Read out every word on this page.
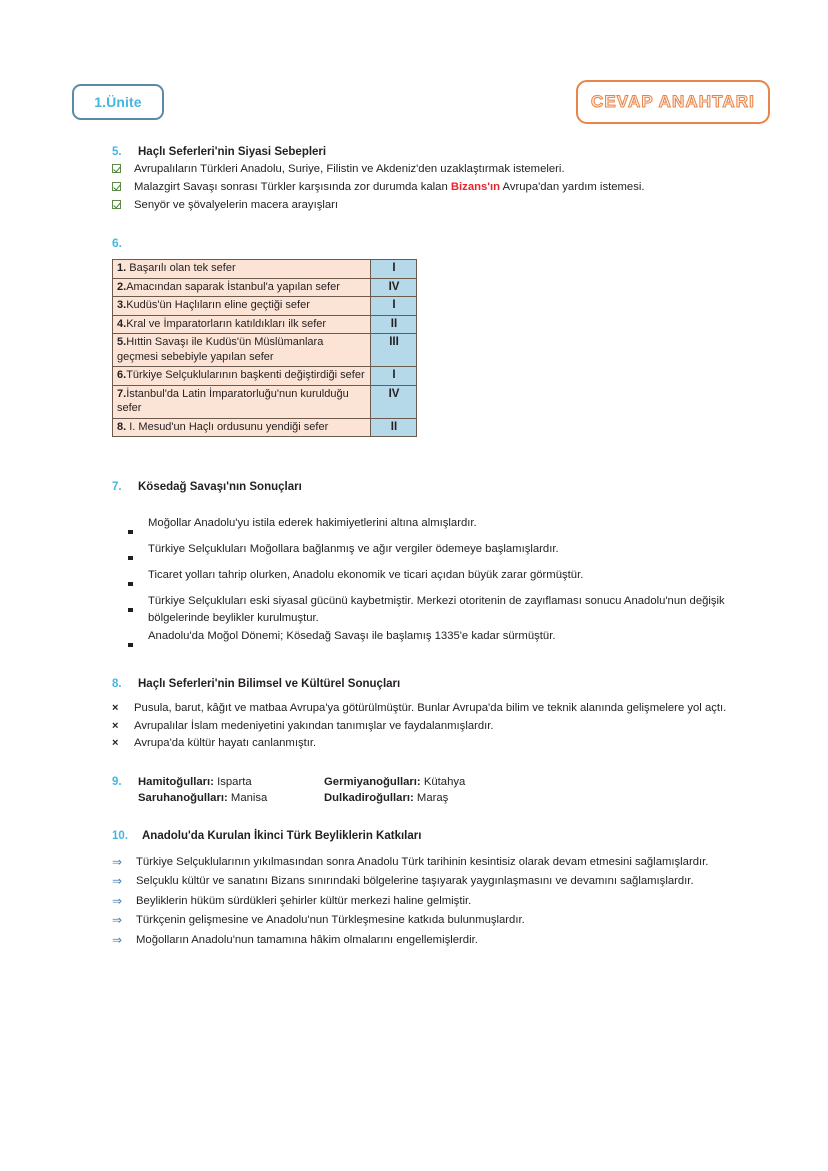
1.Ünite	CEVAP ANAHTARI
5.	Haçlı Seferleri'nin Siyasi Sebepleri
Avrupalıların Türkleri Anadolu, Suriye, Filistin ve Akdeniz'den uzaklaştırmak istemeleri.
Malazgirt Savaşı sonrası Türkler karşısında zor durumda kalan Bizans'ın Avrupa'dan yardım istemesi.
Senyör ve şövalyelerin macera arayışları
6.
1. Başarılı olan tek sefer	I
2.Amacından saparak İstanbul'a yapılan sefer	IV
3.Kudüs'ün Haçlıların eline geçtiği sefer	I
4.Kral ve İmparatorların katıldıkları ilk sefer	II
5.Hıttin Savaşı ile Kudüs'ün Müslümanlara geçmesi sebebiyle yapılan sefer	III
6.Türkiye Selçuklularının başkenti değiştirdiği sefer	I
7.İstanbul'da Latin İmparatorluğu'nun kurulduğu sefer	IV
8. I. Mesud'un Haçlı ordusunu yendiği sefer	II
7.	Kösedağ Savaşı'nın Sonuçları
Moğollar Anadolu'yu istila ederek hakimiyetlerini altına almışlardır.
Türkiye Selçukluları Moğollara bağlanmış ve ağır vergiler ödemeye başlamışlardır.
Ticaret yolları tahrip olurken, Anadolu ekonomik ve ticari açıdan büyük zarar görmüştür.
Türkiye Selçukluları eski siyasal gücünü kaybetmiştir. Merkezi otoritenin de zayıflaması sonucu Anadolu'nun değişik bölgelerinde beylikler kurulmuştur.
Anadolu'da Moğol Dönemi; Kösedağ Savaşı ile başlamış 1335'e kadar sürmüştür.
8.	Haçlı Seferleri'nin Bilimsel ve Kültürel Sonuçları
×	Pusula, barut, kâğıt ve matbaa Avrupa'ya götürülmüştür. Bunlar Avrupa'da bilim ve teknik alanında gelişmelere yol açtı.
×	Avrupalılar İslam medeniyetini yakından tanımışlar ve faydalanmışlardır.
×	Avrupa'da kültür hayatı canlanmıştır.
9.	Hamitoğulları: Isparta	Germiyanoğulları: Kütahya
Saruhanoğulları: Manisa	Dulkadiroğulları: Maraş
10.	Anadolu'da Kurulan İkinci Türk Beyliklerin Katkıları
⇒	Türkiye Selçuklularının yıkılmasından sonra Anadolu Türk tarihinin kesintisiz olarak devam etmesini sağlamışlardır.
⇒	Selçuklu kültür ve sanatını Bizans sınırındaki bölgelerine taşıyarak yaygınlaşmasını ve devamını sağlamışlardır.
⇒	Beyliklerin hüküm sürdükleri şehirler kültür merkezi haline gelmiştir.
⇒	Türkçenin gelişmesine ve Anadolu'nun Türkleşmesine katkıda bulunmuşlardır.
⇒	Moğolların Anadolu'nun tamamına hâkim olmalarını engellemişlerdir.
